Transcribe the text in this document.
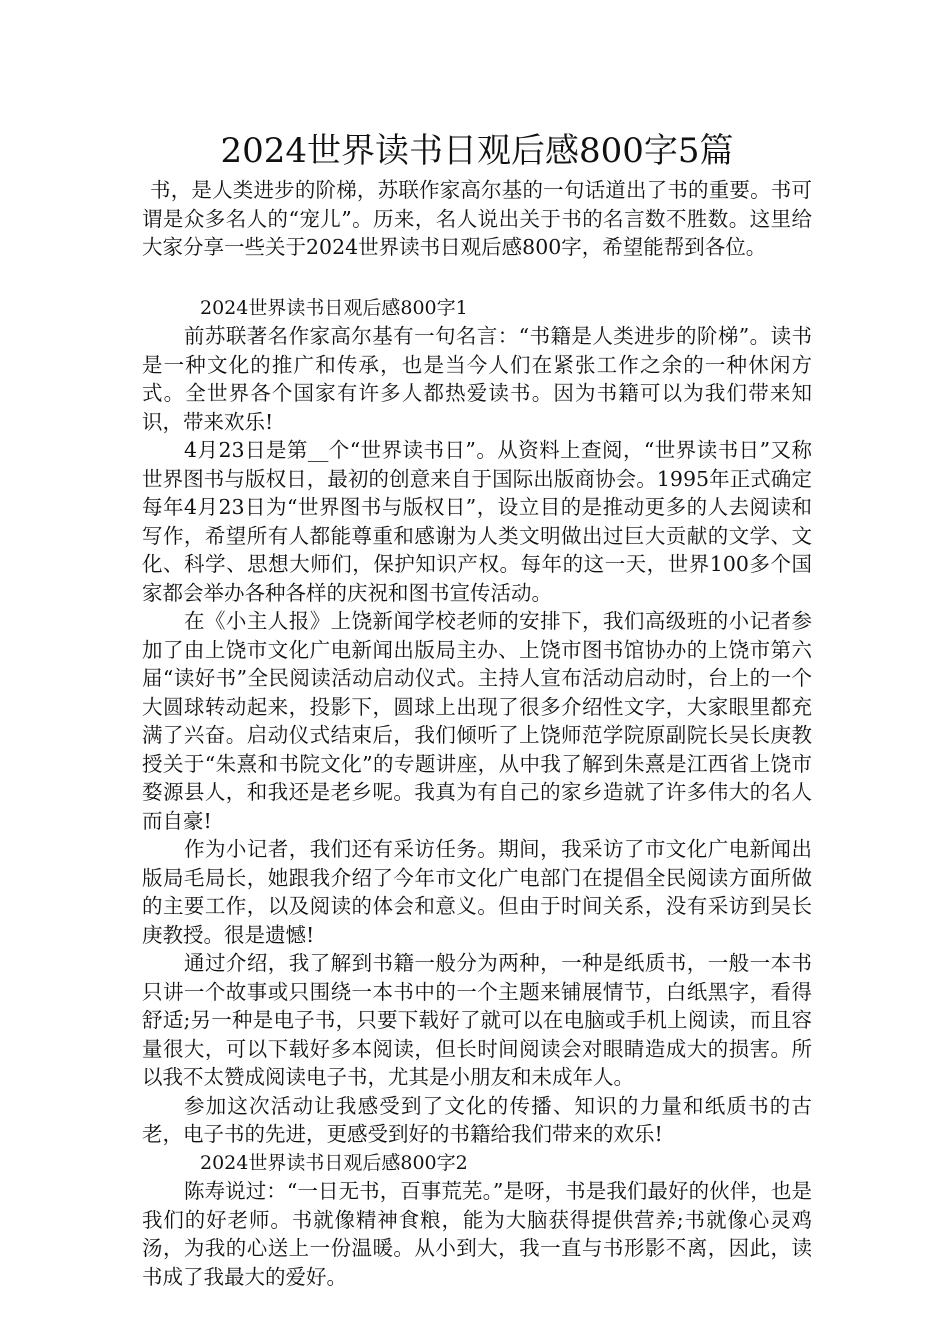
2024世界读书日观后感800字5篇

书，是人类进步的阶梯，苏联作家高尔基的一句话道出了书的重要。书可谓是众多名人的“宠儿”。历来，名人说出关于书的名言数不胜数。这里给大家分享一些关于2024世界读书日观后感800字，希望能帮到各位。

2024世界读书日观后感800字1

前苏联著名作家高尔基有一句名言：“书籍是人类进步的阶梯”。读书是一种文化的推广和传承，也是当今人们在紧张工作之余的一种休闲方式。全世界各个国家有许多人都热爱读书。因为书籍可以为我们带来知识，带来欢乐!

4月23日是第__个“世界读书日”。从资料上查阅，“世界读书日”又称世界图书与版权日，最初的创意来自于国际出版商协会。1995年正式确定每年4月23日为“世界图书与版权日”，设立目的是推动更多的人去阅读和写作，希望所有人都能尊重和感谢为人类文明做出过巨大贡献的文学、文化、科学、思想大师们，保护知识产权。每年的这一天，世界100多个国家都会举办各种各样的庆祝和图书宣传活动。

在《小主人报》上饶新闻学校老师的安排下，我们高级班的小记者参加了由上饶市文化广电新闻出版局主办、上饶市图书馆协办的上饶市第六届“读好书”全民阅读活动启动仪式。主持人宣布活动启动时，台上的一个大圆球转动起来，投影下，圆球上出现了很多介绍性文字，大家眼里都充满了兴奋。启动仪式结束后，我们倾听了上饶师范学院原副院长吴长庚教授关于“朱熹和书院文化”的专题讲座，从中我了解到朱熹是江西省上饶市婺源县人，和我还是老乡呢。我真为有自己的家乡造就了许多伟大的名人而自豪!

作为小记者，我们还有采访任务。期间，我采访了市文化广电新闻出版局毛局长，她跟我介绍了今年市文化广电部门在提倡全民阅读方面所做的主要工作，以及阅读的体会和意义。但由于时间关系，没有采访到吴长庚教授。很是遗憾!

通过介绍，我了解到书籍一般分为两种，一种是纸质书，一般一本书只讲一个故事或只围绕一本书中的一个主题来铺展情节，白纸黑字，看得舒适;另一种是电子书，只要下载好了就可以在电脑或手机上阅读，而且容量很大，可以下载好多本阅读，但长时间阅读会对眼睛造成大的损害。所以我不太赞成阅读电子书，尤其是小朋友和未成年人。

参加这次活动让我感受到了文化的传播、知识的力量和纸质书的古老，电子书的先进，更感受到好的书籍给我们带来的欢乐!

2024世界读书日观后感800字2

陈寿说过：“一日无书，百事荒芜。”是呀，书是我们最好的伙伴，也是我们的好老师。书就像精神食粮，能为大脑获得提供营养;书就像心灵鸡汤，为我的心送上一份温暖。从小到大，我一直与书形影不离，因此，读书成了我最大的爱好。
